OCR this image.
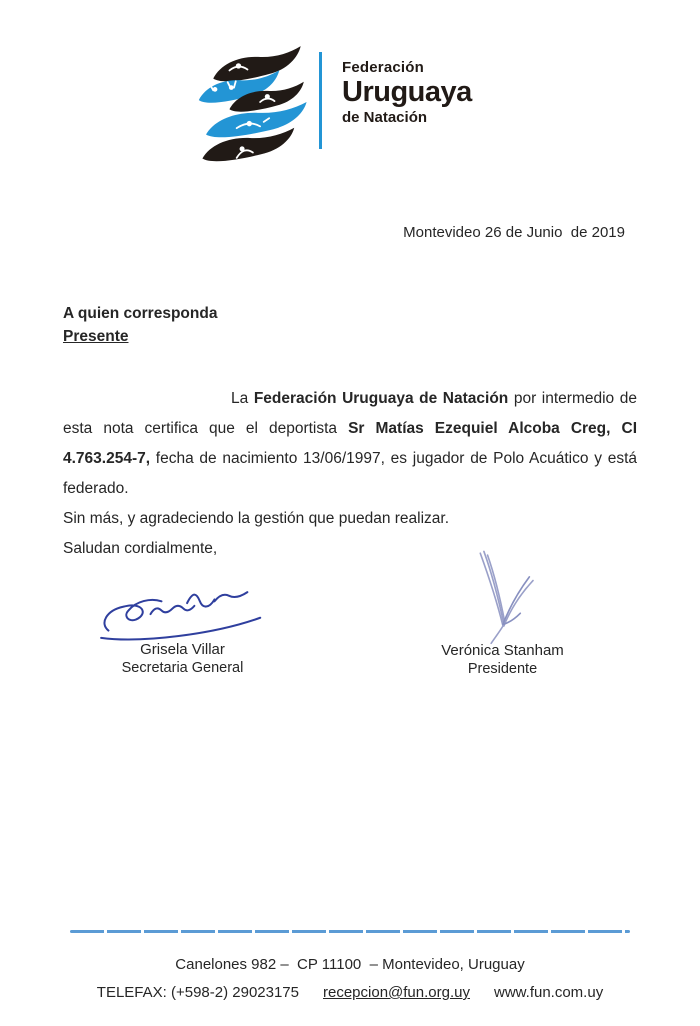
Federación
Uruguaya
de Natación
Montevideo 26 de Junio  de 2019
A quien corresponda
Presente

La Federación Uruguaya de Natación por intermedio de esta nota certifica que el deportista Sr Matías Ezequiel Alcoba Creg, CI 4.763.254-7, fecha de nacimiento 13/06/1997, es jugador de Polo Acuático y está federado.

Sin más, y agradeciendo la gestión que puedan realizar.

Saludan cordialmente,

Grisela Villar
Secretaria General
Verónica Stanham
Presidente
Canelones 982 –  CP 11100  – Montevideo, Uruguay
TELEFAX: (+598-2) 29023175 recepcion@fun.org.uy www.fun.com.uy
